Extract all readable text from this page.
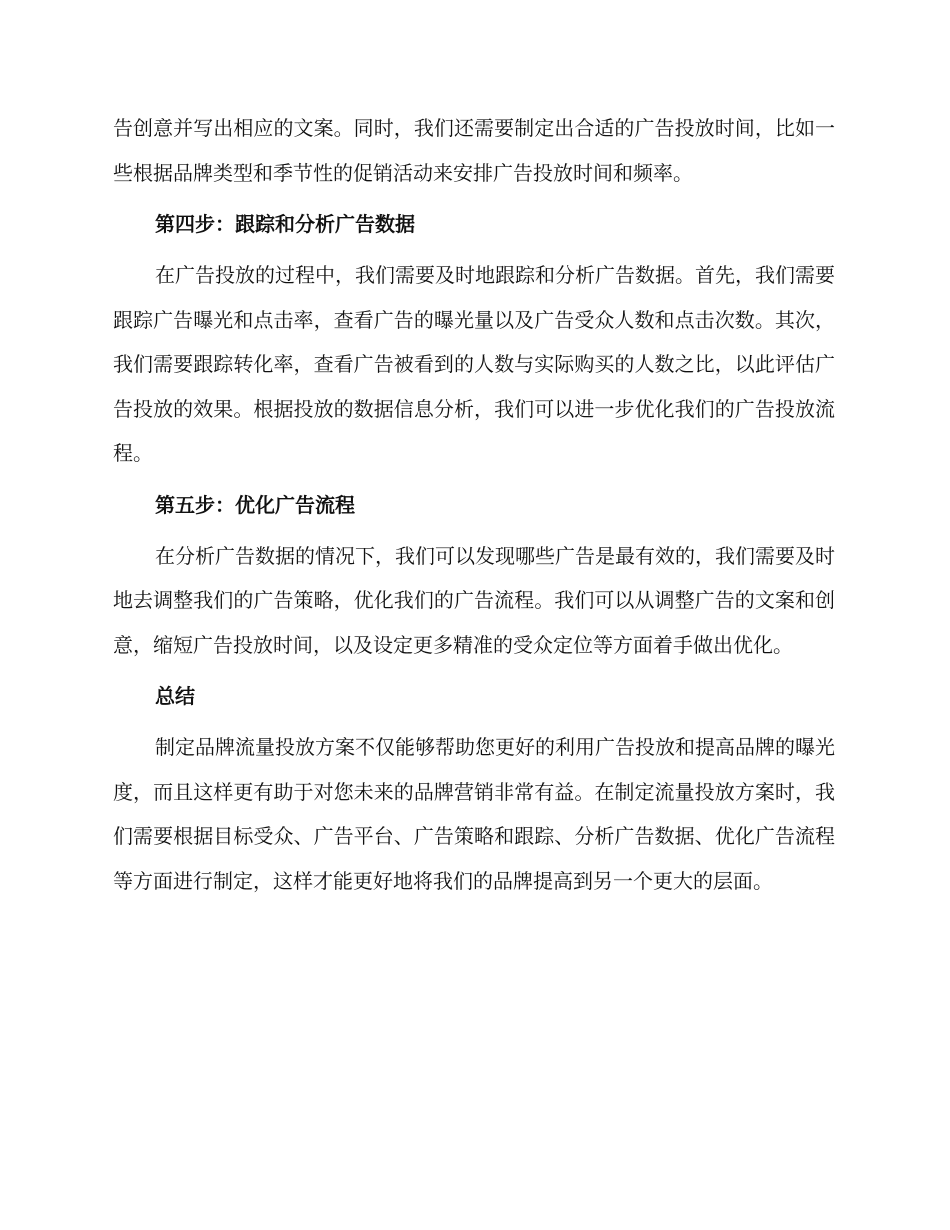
告创意并写出相应的文案。同时，我们还需要制定出合适的广告投放时间，比如一些根据品牌类型和季节性的促销活动来安排广告投放时间和频率。

第四步：跟踪和分析广告数据

在广告投放的过程中，我们需要及时地跟踪和分析广告数据。首先，我们需要跟踪广告曝光和点击率，查看广告的曝光量以及广告受众人数和点击次数。其次，我们需要跟踪转化率，查看广告被看到的人数与实际购买的人数之比，以此评估广告投放的效果。根据投放的数据信息分析，我们可以进一步优化我们的广告投放流程。

第五步：优化广告流程

在分析广告数据的情况下，我们可以发现哪些广告是最有效的，我们需要及时地去调整我们的广告策略，优化我们的广告流程。我们可以从调整广告的文案和创意，缩短广告投放时间，以及设定更多精准的受众定位等方面着手做出优化。

总结

制定品牌流量投放方案不仅能够帮助您更好的利用广告投放和提高品牌的曝光度，而且这样更有助于对您未来的品牌营销非常有益。在制定流量投放方案时，我们需要根据目标受众、广告平台、广告策略和跟踪、分析广告数据、优化广告流程等方面进行制定，这样才能更好地将我们的品牌提高到另一个更大的层面。
